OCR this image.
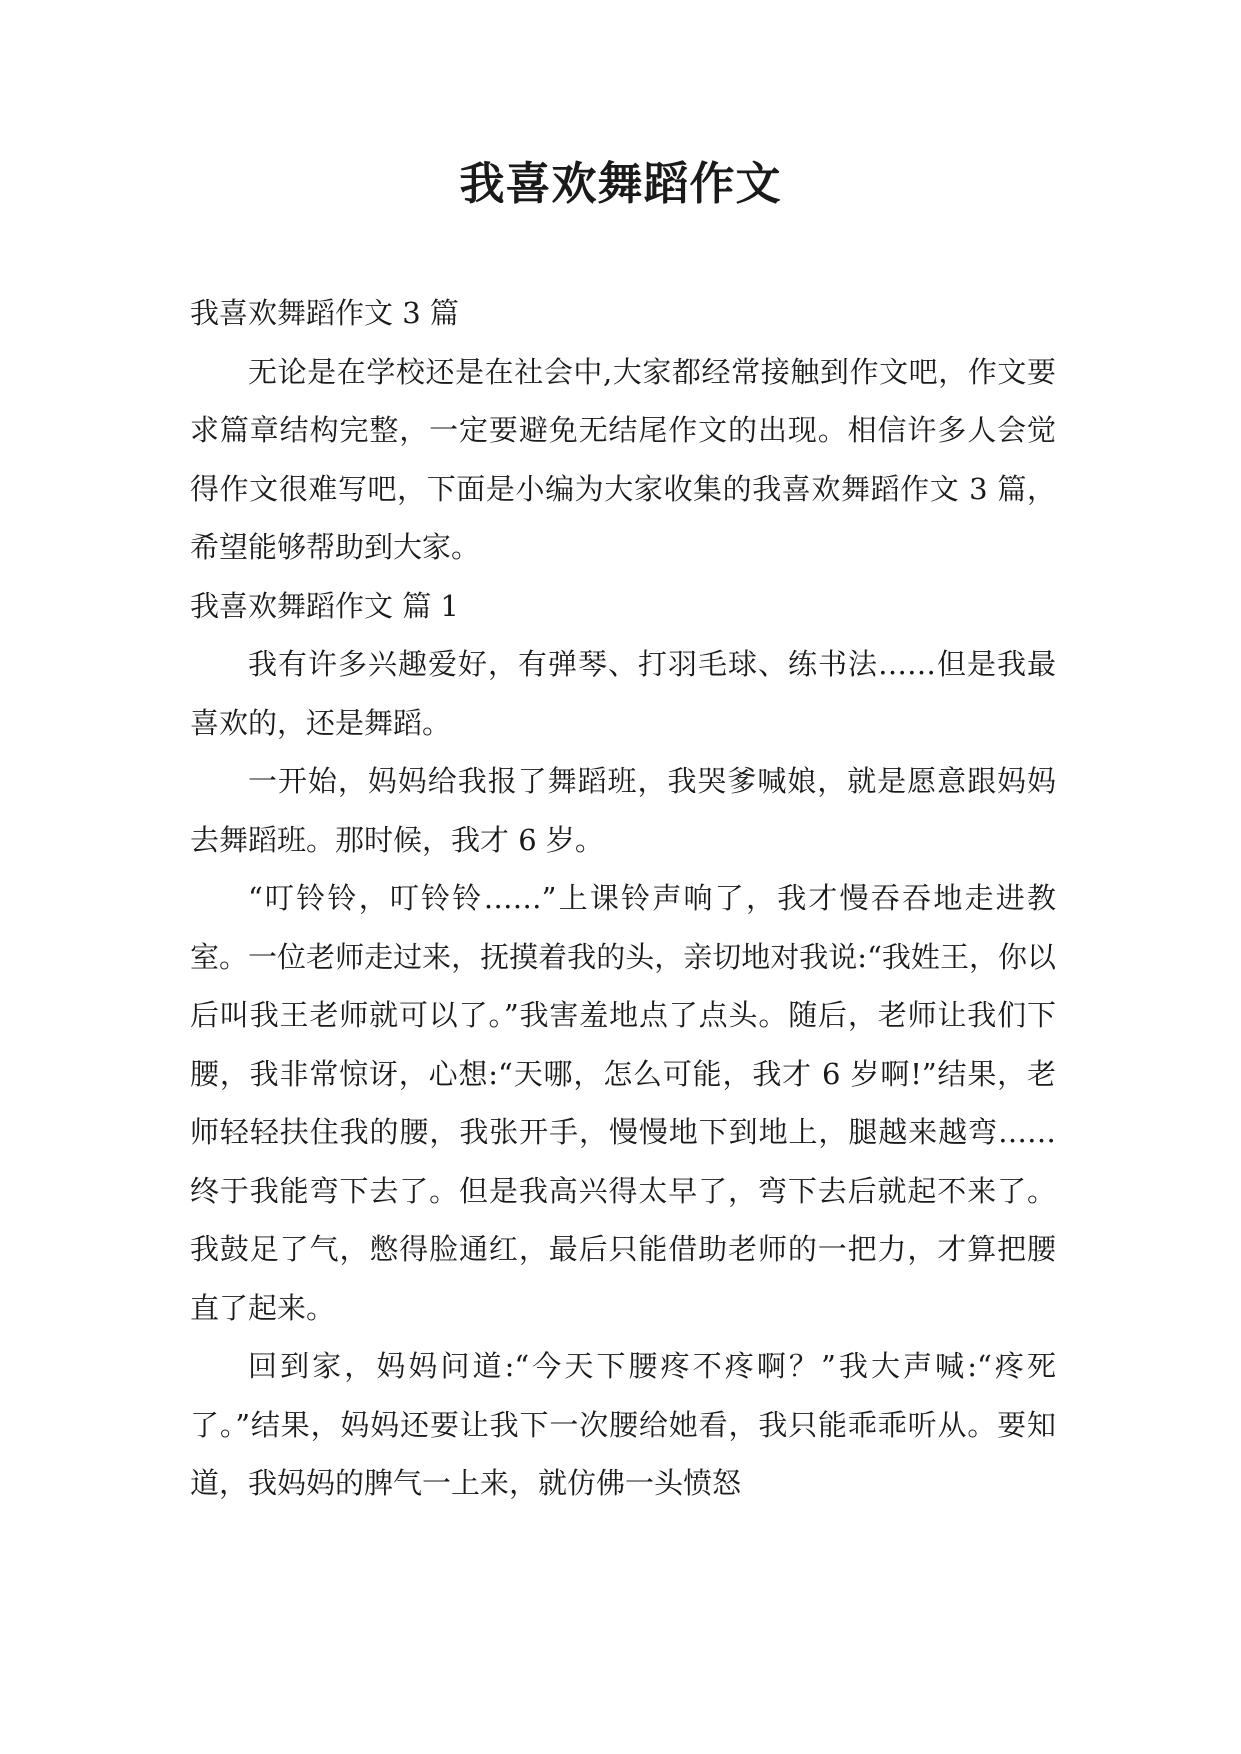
我喜欢舞蹈作文

我喜欢舞蹈作文 3 篇

无论是在学校还是在社会中,大家都经常接触到作文吧，作文要求篇章结构完整，一定要避免无结尾作文的出现。相信许多人会觉得作文很难写吧，下面是小编为大家收集的我喜欢舞蹈作文 3 篇，希望能够帮助到大家。

我喜欢舞蹈作文 篇 1

我有许多兴趣爱好，有弹琴、打羽毛球、练书法……但是我最喜欢的，还是舞蹈。

一开始，妈妈给我报了舞蹈班，我哭爹喊娘，就是愿意跟妈妈去舞蹈班。那时候，我才 6 岁。

“叮铃铃，叮铃铃……”上课铃声响了，我才慢吞吞地走进教室。一位老师走过来，抚摸着我的头，亲切地对我说:“我姓王，你以后叫我王老师就可以了。”我害羞地点了点头。随后，老师让我们下腰，我非常惊讶，心想:“天哪，怎么可能，我才 6 岁啊!”结果，老师轻轻扶住我的腰，我张开手，慢慢地下到地上，腿越来越弯……终于我能弯下去了。但是我高兴得太早了，弯下去后就起不来了。我鼓足了气，憋得脸通红，最后只能借助老师的一把力，才算把腰直了起来。

回到家，妈妈问道:“今天下腰疼不疼啊？”我大声喊:“疼死了。”结果，妈妈还要让我下一次腰给她看，我只能乖乖听从。要知道，我妈妈的脾气一上来，就仿佛一头愤怒
